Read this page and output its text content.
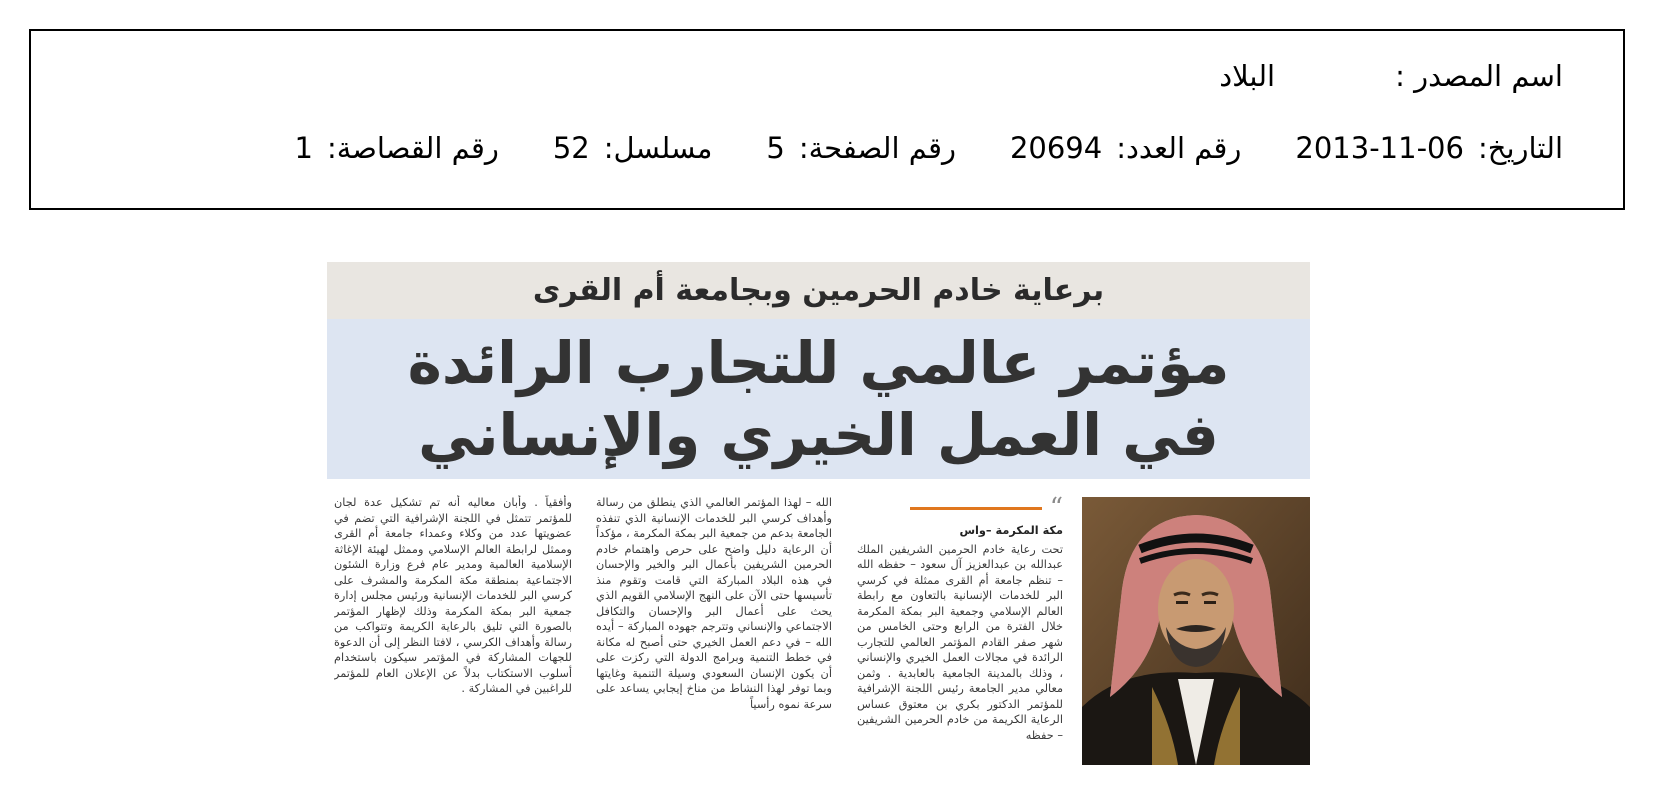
اسم المصدر :
البلاد
التاريخ:
2013-11-06
رقم العدد:
20694
رقم الصفحة:
5
مسلسل:
52
رقم القصاصة:
1
برعاية خادم الحرمين وبجامعة أم القرى
مؤتمر عالمي للتجارب الرائدة
في العمل الخيري والإنساني
“
مكة المكرمة –واس

تحت رعاية خادم الحرمين الشريفين الملك عبدالله بن عبدالعزيز آل سعود – حفظه الله – تنظم جامعة أم القرى ممثلة في كرسي البر للخدمات الإنسانية بالتعاون مع رابطة العالم الإسلامي وجمعية البر بمكة المكرمة خلال الفترة من الرابع وحتى الخامس من شهر صفر القادم المؤتمر العالمي للتجارب الرائدة في مجالات العمل الخيري والإنساني ، وذلك بالمدينة الجامعية بالعابدية . وثمن معالي مدير الجامعة رئيس اللجنة الإشرافية للمؤتمر الدكتور بكري بن معتوق عساس الرعاية الكريمة من خادم الحرمين الشريفين – حفظه

الله – لهذا المؤتمر العالمي الذي ينطلق من رسالة وأهداف كرسي البر للخدمات الإنسانية الذي تنفذه الجامعة بدعم من جمعية البر بمكة المكرمة ، مؤكداً أن الرعاية دليل واضح على حرص واهتمام خادم الحرمين الشريفين بأعمال البر والخير والإحسان في هذه البلاد المباركة التي قامت وتقوم منذ تأسيسها حتى الآن على النهج الإسلامي القويم الذي يحث على أعمال البر والإحسان والتكافل الاجتماعي والإنساني وتترجم جهوده المباركة – أيده الله – في دعم العمل الخيري حتى أصبح له مكانة في خطط التنمية وبرامج الدولة التي ركزت على أن يكون الإنسان السعودي وسيلة التنمية وغايتها وبما توفر لهذا النشاط من مناخ إيجابي يساعد على سرعة نموه رأسياً

وأفقياً . وأبان معاليه أنه تم تشكيل عدة لجان للمؤتمر تتمثل في اللجنة الإشرافية التي تضم في عضويتها عدد من وكلاء وعمداء جامعة أم القرى وممثل لرابطة العالم الإسلامي وممثل لهيئة الإغاثة الإسلامية العالمية ومدير عام فرع وزارة الشئون الاجتماعية بمنطقة مكة المكرمة والمشرف على كرسي البر للخدمات الإنسانية ورئيس مجلس إدارة جمعية البر بمكة المكرمة وذلك لإظهار المؤتمر بالصورة التي تليق بالرعاية الكريمة وتتواكب من رسالة وأهداف الكرسي ، لافتا النظر إلى أن الدعوة للجهات المشاركة في المؤتمر سيكون باستخدام أسلوب الاستكتاب بدلاً عن الإعلان العام للمؤتمر للراغبين في المشاركة .
